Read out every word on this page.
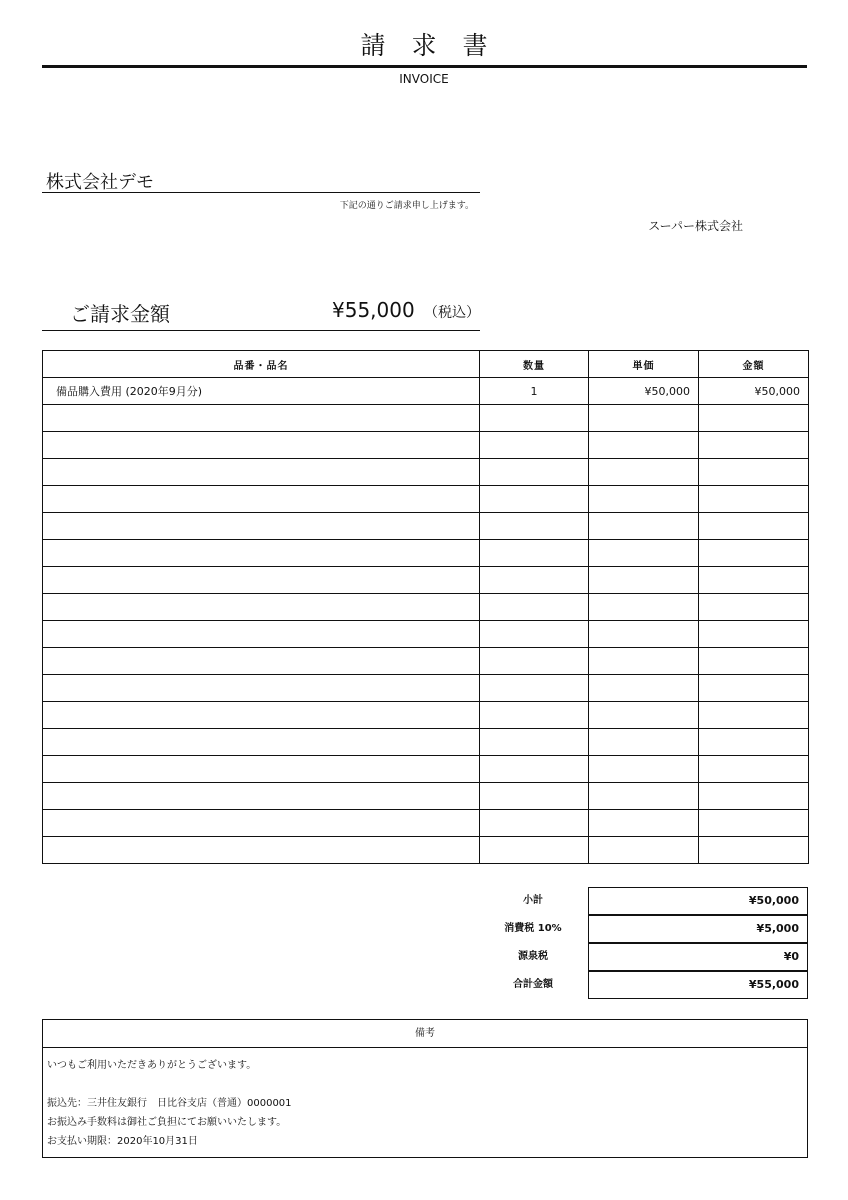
請求書
INVOICE
株式会社デモ
下記の通りご請求申し上げます。
スーパー株式会社
ご請求金額	¥55,000 （税込）
品番・品名	数量	単価	金額
備品購入費用 (2020年9月分)	1	¥50,000	¥50,000

小計	¥50,000
消費税 10%	¥5,000
源泉税	¥0
合計金額	¥55,000
備考
いつもご利用いただきありがとうございます。
振込先：三井住友銀行　日比谷支店（普通）0000001
お振込み手数料は御社ご負担にてお願いいたします。
お支払い期限：2020年10月31日
